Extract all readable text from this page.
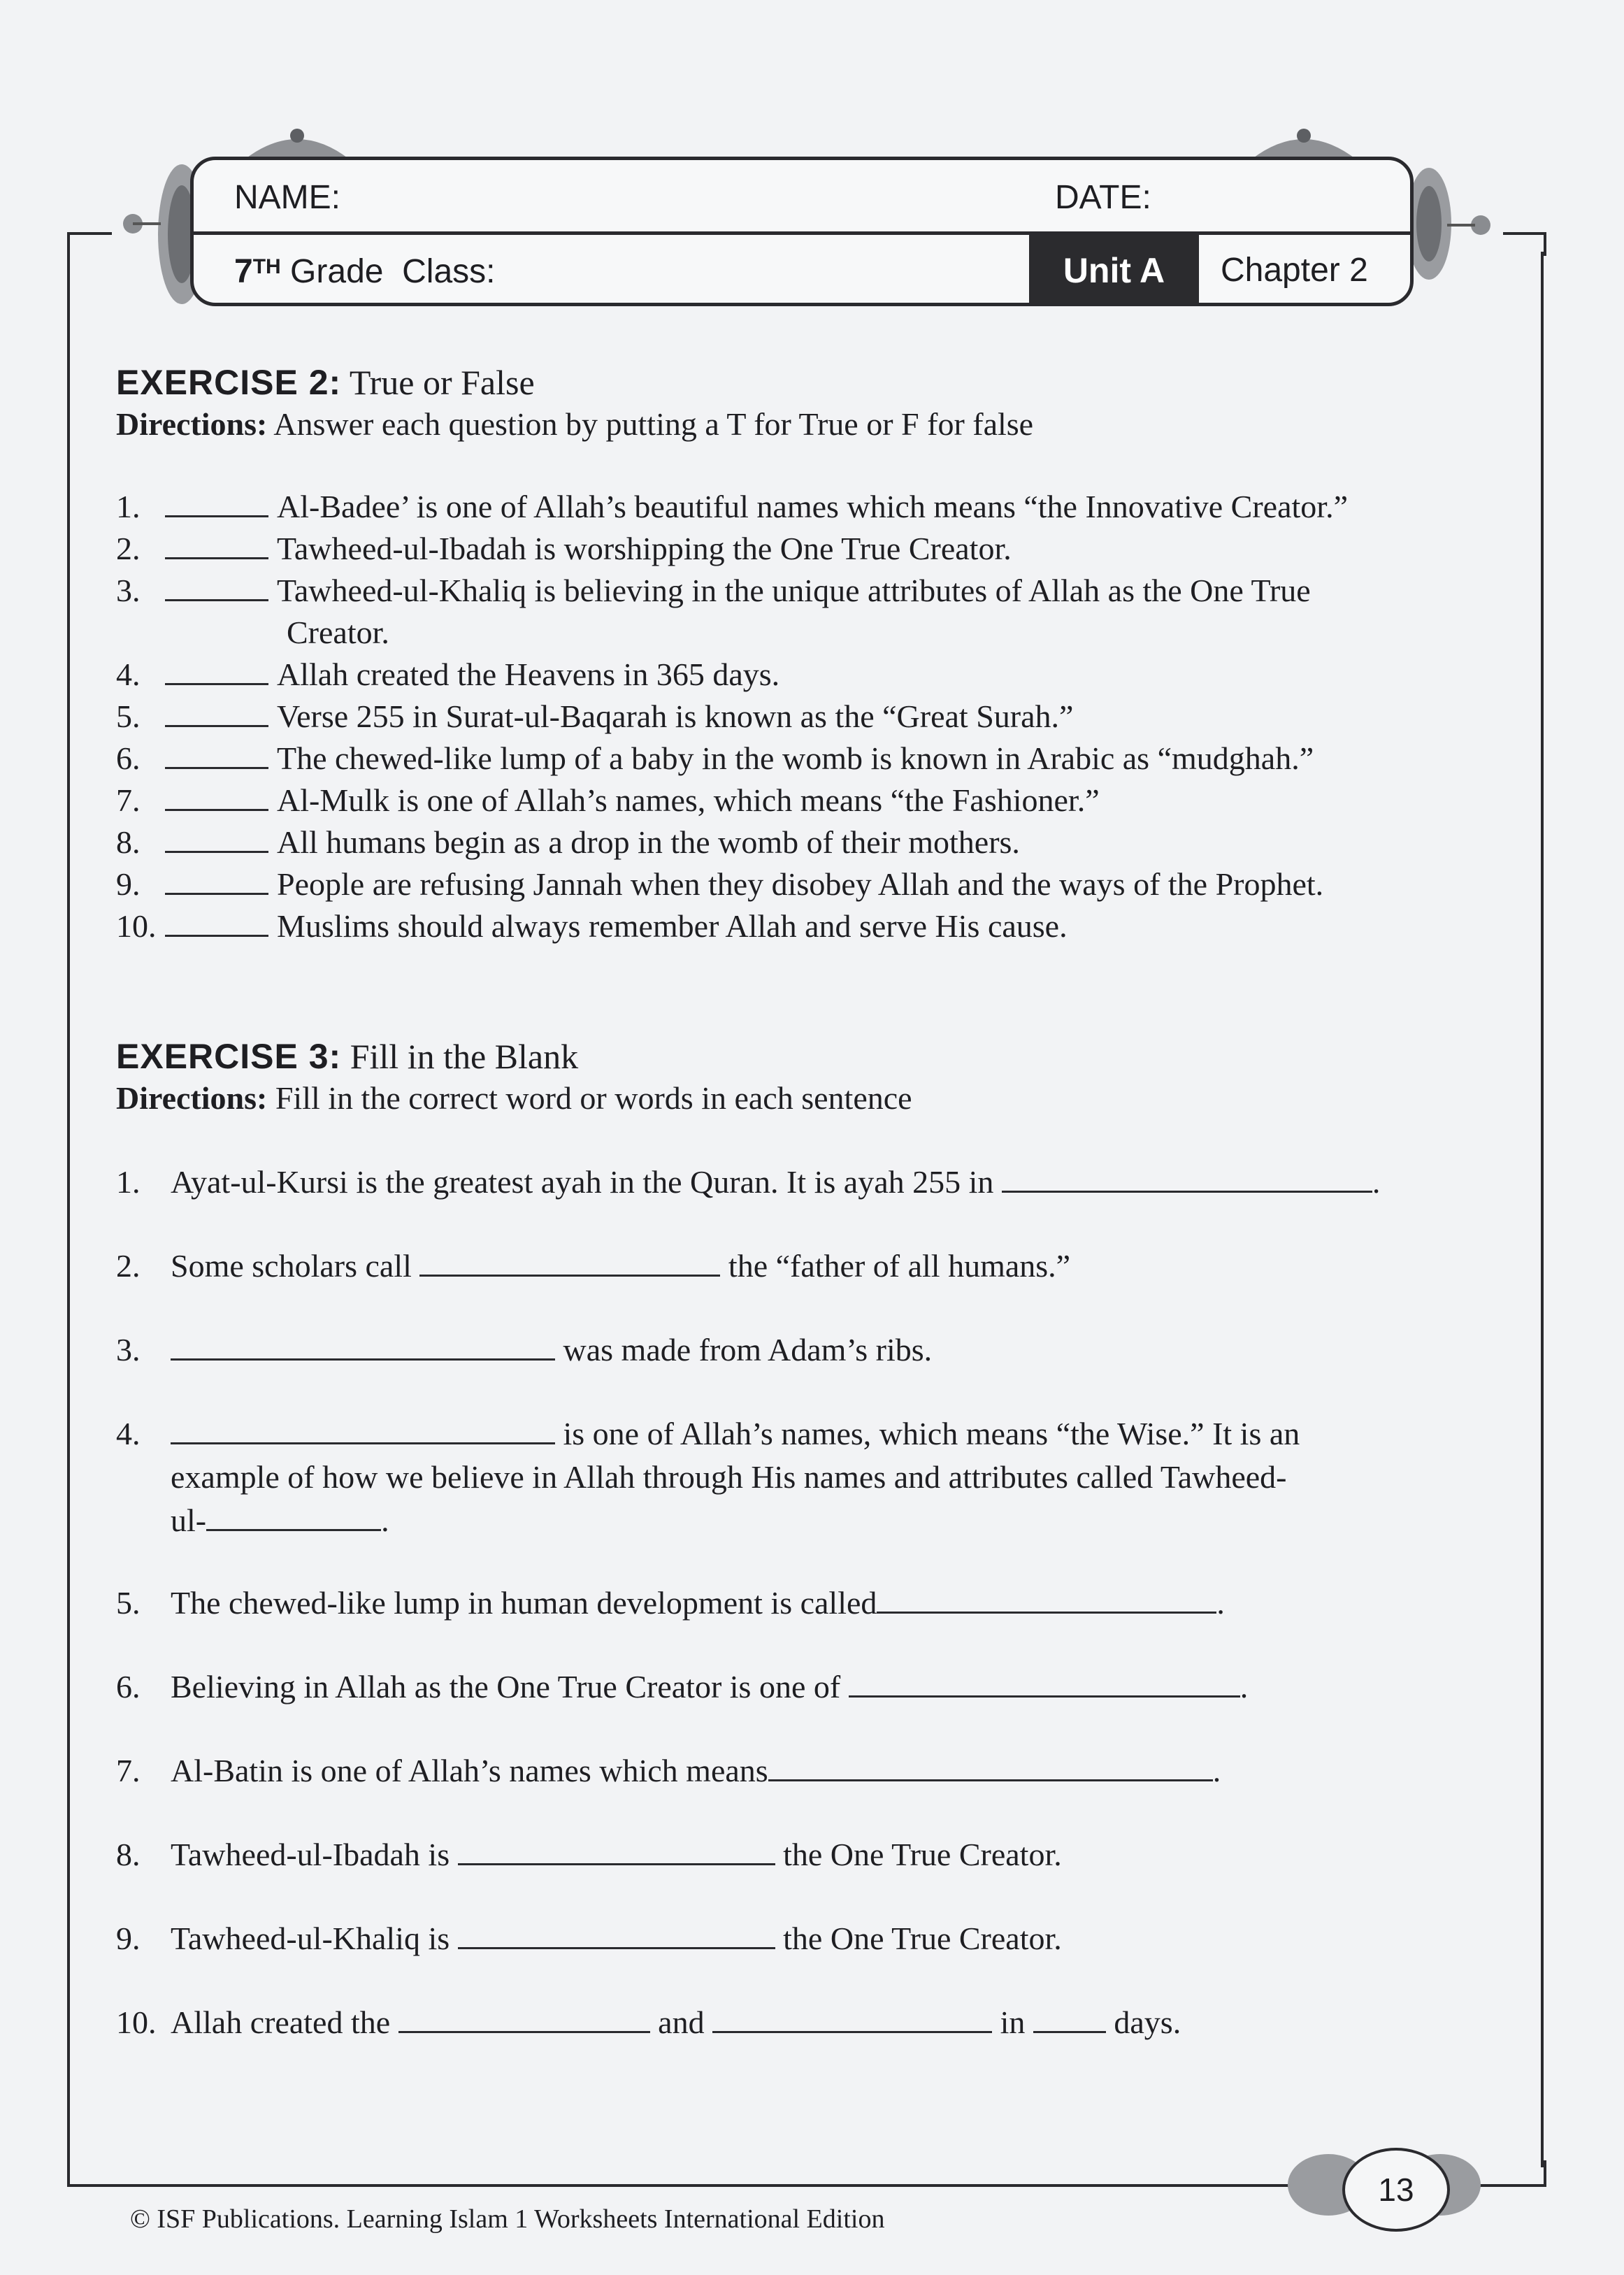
NAME:	DATE:
7TH Grade Class:	Unit A	Chapter 2
EXERCISE 2: True or False
Directions: Answer each question by putting a T for True or F for false
1.	Al-Badee’ is one of Allah’s beautiful names which means “the Innovative Creator.”
2.	Tawheed-ul-Ibadah is worshipping the One True Creator.
3.	Tawheed-ul-Khaliq is believing in the unique attributes of Allah as the One True
Creator.
4.	Allah created the Heavens in 365 days.
5.	Verse 255 in Surat-ul-Baqarah is known as the “Great Surah.”
6.	The chewed-like lump of a baby in the womb is known in Arabic as “mudghah.”
7.	Al-Mulk is one of Allah’s names, which means “the Fashioner.”
8.	All humans begin as a drop in the womb of their mothers.
9.	People are refusing Jannah when they disobey Allah and the ways of the Prophet.
10.	Muslims should always remember Allah and serve His cause.
EXERCISE 3: Fill in the Blank
Directions: Fill in the correct word or words in each sentence
1. Ayat-ul-Kursi is the greatest ayah in the Quran. It is ayah 255 in	.
2. Some scholars call	the “father of all humans.”
3.	was made from Adam’s ribs.
4.	is one of Allah’s names, which means “the Wise.” It is an
example of how we believe in Allah through His names and attributes called Tawheed-
ul-	.
5. The chewed-like lump in human development is called	.
6. Believing in Allah as the One True Creator is one of	.
7. Al-Batin is one of Allah’s names which means	.
8. Tawheed-ul-Ibadah is	the One True Creator.
9. Tawheed-ul-Khaliq is	the One True Creator.
10. Allah created the	and	in	days.
© ISF Publications. Learning Islam 1 Worksheets International Edition
13
